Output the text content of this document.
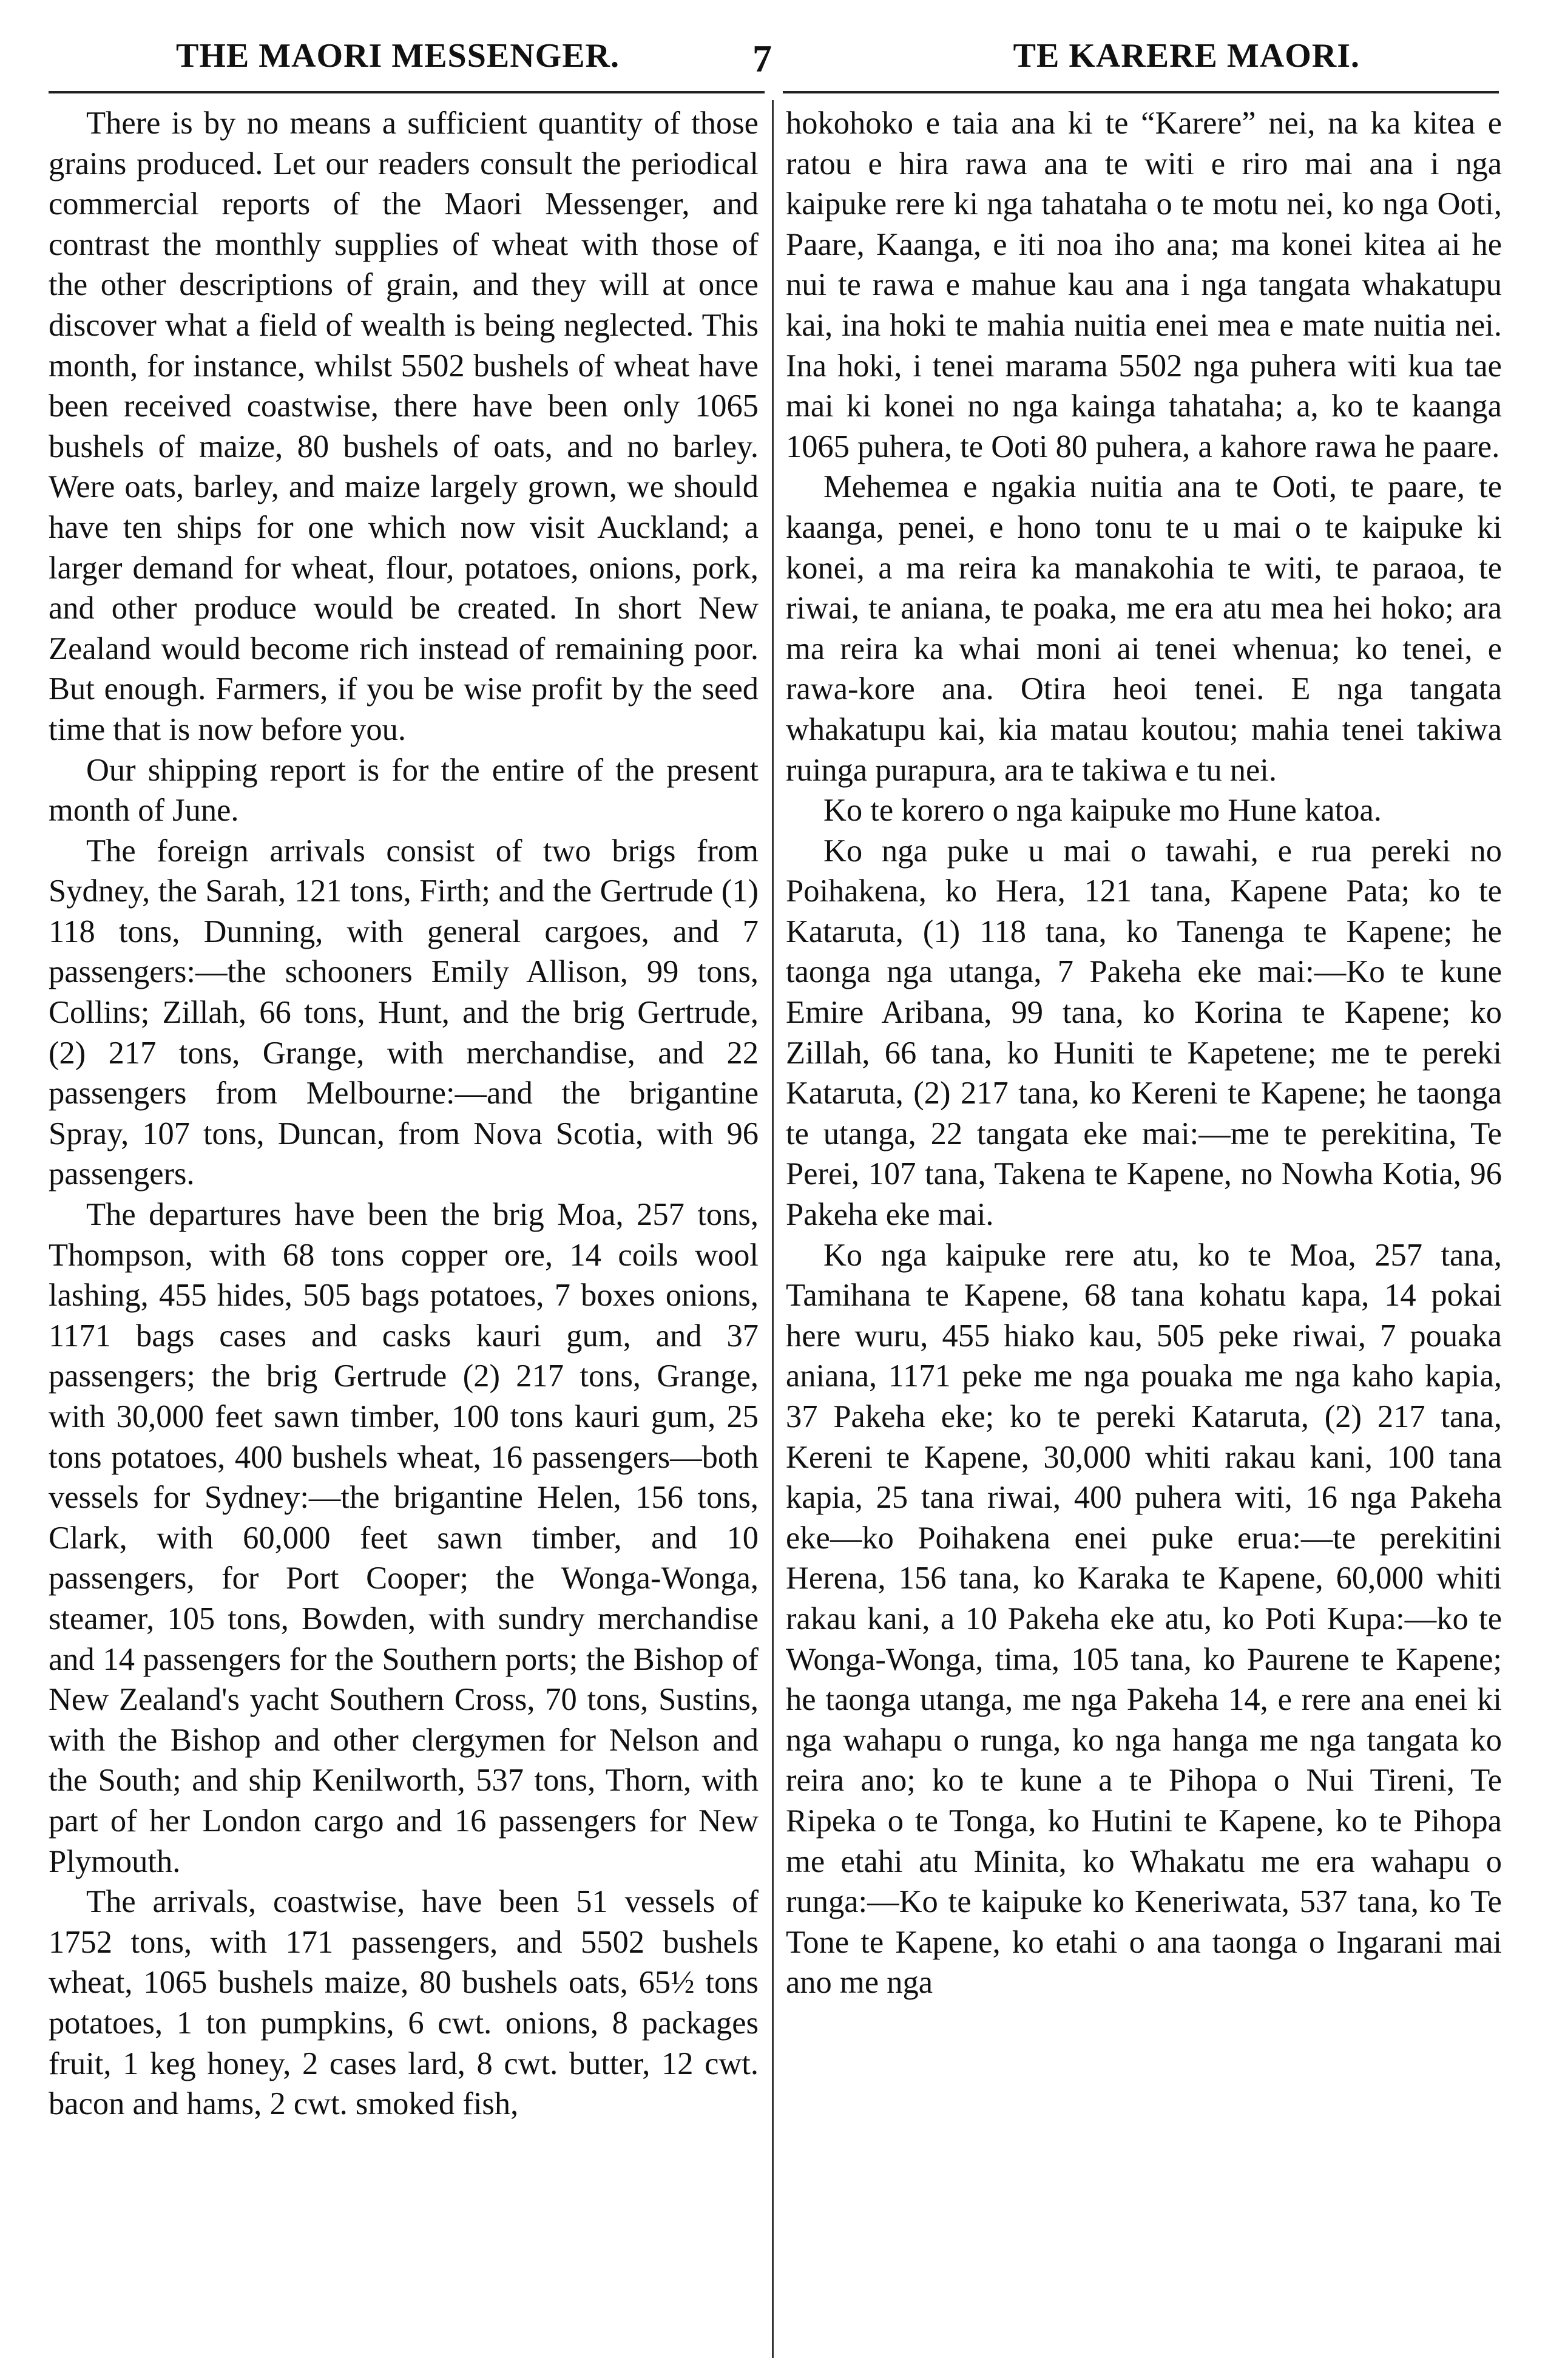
THE MAORI MESSENGER.	7	TE KARERE MAORI.

There is by no means a sufficient quantity of those grains produced. Let our readers consult the periodical commercial reports of the Maori Messenger, and contrast the monthly supplies of wheat with those of the other descriptions of grain, and they will at once discover what a field of wealth is being neglected. This month, for instance, whilst 5502 bushels of wheat have been received coastwise, there have been only 1065 bushels of maize, 80 bushels of oats, and no barley. Were oats, barley, and maize largely grown, we should have ten ships for one which now visit Auckland; a larger demand for wheat, flour, potatoes, onions, pork, and other produce would be created. In short New Zealand would become rich instead of remaining poor. But enough. Farmers, if you be wise profit by the seed time that is now before you.

Our shipping report is for the entire of the present month of June.

The foreign arrivals consist of two brigs from Sydney, the Sarah, 121 tons, Firth; and the Gertrude (1) 118 tons, Dunning, with general cargoes, and 7 passengers:—the schooners Emily Allison, 99 tons, Collins; Zillah, 66 tons, Hunt, and the brig Gertrude, (2) 217 tons, Grange, with merchandise, and 22 passengers from Melbourne:—and the brigantine Spray, 107 tons, Duncan, from Nova Scotia, with 96 passengers.

The departures have been the brig Moa, 257 tons, Thompson, with 68 tons copper ore, 14 coils wool lashing, 455 hides, 505 bags potatoes, 7 boxes onions, 1171 bags cases and casks kauri gum, and 37 passengers; the brig Gertrude (2) 217 tons, Grange, with 30,000 feet sawn timber, 100 tons kauri gum, 25 tons potatoes, 400 bushels wheat, 16 passengers—both vessels for Sydney:—the brigantine Helen, 156 tons, Clark, with 60,000 feet sawn timber, and 10 passengers, for Port Cooper; the Wonga-Wonga, steamer, 105 tons, Bowden, with sundry merchandise and 14 passengers for the Southern ports; the Bishop of New Zealand's yacht Southern Cross, 70 tons, Sustins, with the Bishop and other clergymen for Nelson and the South; and ship Kenilworth, 537 tons, Thorn, with part of her London cargo and 16 passengers for New Plymouth.

The arrivals, coastwise, have been 51 vessels of 1752 tons, with 171 passengers, and 5502 bushels wheat, 1065 bushels maize, 80 bushels oats, 65½ tons potatoes, 1 ton pumpkins, 6 cwt. onions, 8 packages fruit, 1 keg honey, 2 cases lard, 8 cwt. butter, 12 cwt. bacon and hams, 2 cwt. smoked fish,

hokohoko e taia ana ki te “Karere” nei, na ka kitea e ratou e hira rawa ana te witi e riro mai ana i nga kaipuke rere ki nga tahataha o te motu nei, ko nga Ooti, Paare, Kaanga, e iti noa iho ana; ma konei kitea ai he nui te rawa e mahue kau ana i nga tangata whakatupu kai, ina hoki te mahia nuitia enei mea e mate nuitia nei. Ina hoki, i tenei marama 5502 nga puhera witi kua tae mai ki konei no nga kainga tahataha; a, ko te kaanga 1065 puhera, te Ooti 80 puhera, a kahore rawa he paare.

Mehemea e ngakia nuitia ana te Ooti, te paare, te kaanga, penei, e hono tonu te u mai o te kaipuke ki konei, a ma reira ka manakohia te witi, te paraoa, te riwai, te aniana, te poaka, me era atu mea hei hoko; ara ma reira ka whai moni ai tenei whenua; ko tenei, e rawa-kore ana. Otira heoi tenei. E nga tangata whakatupu kai, kia matau koutou; mahia tenei takiwa ruinga purapura, ara te takiwa e tu nei.

Ko te korero o nga kaipuke mo Hune katoa.

Ko nga puke u mai o tawahi, e rua pereki no Poihakena, ko Hera, 121 tana, Kapene Pata; ko te Kataruta, (1) 118 tana, ko Tanenga te Kapene; he taonga nga utanga, 7 Pakeha eke mai:—Ko te kune Emire Aribana, 99 tana, ko Korina te Kapene; ko Zillah, 66 tana, ko Huniti te Kapetene; me te pereki Kataruta, (2) 217 tana, ko Kereni te Kapene; he taonga te utanga, 22 tangata eke mai:—me te perekitina, Te Perei, 107 tana, Takena te Kapene, no Nowha Kotia, 96 Pakeha eke mai.

Ko nga kaipuke rere atu, ko te Moa, 257 tana, Tamihana te Kapene, 68 tana kohatu kapa, 14 pokai here wuru, 455 hiako kau, 505 peke riwai, 7 pouaka aniana, 1171 peke me nga pouaka me nga kaho kapia, 37 Pakeha eke; ko te pereki Kataruta, (2) 217 tana, Kereni te Kapene, 30,000 whiti rakau kani, 100 tana kapia, 25 tana riwai, 400 puhera witi, 16 nga Pakeha eke—ko Poihakena enei puke erua:—te perekitini Herena, 156 tana, ko Karaka te Kapene, 60,000 whiti rakau kani, a 10 Pakeha eke atu, ko Poti Kupa:—ko te Wonga-Wonga, tima, 105 tana, ko Paurene te Kapene; he taonga utanga, me nga Pakeha 14, e rere ana enei ki nga wahapu o runga, ko nga hanga me nga tangata ko reira ano; ko te kune a te Pihopa o Nui Tireni, Te Ripeka o te Tonga, ko Hutini te Kapene, ko te Pihopa me etahi atu Minita, ko Whakatu me era wahapu o runga:—Ko te kaipuke ko Keneriwata, 537 tana, ko Te Tone te Kapene, ko etahi o ana taonga o Ingarani mai ano me nga
